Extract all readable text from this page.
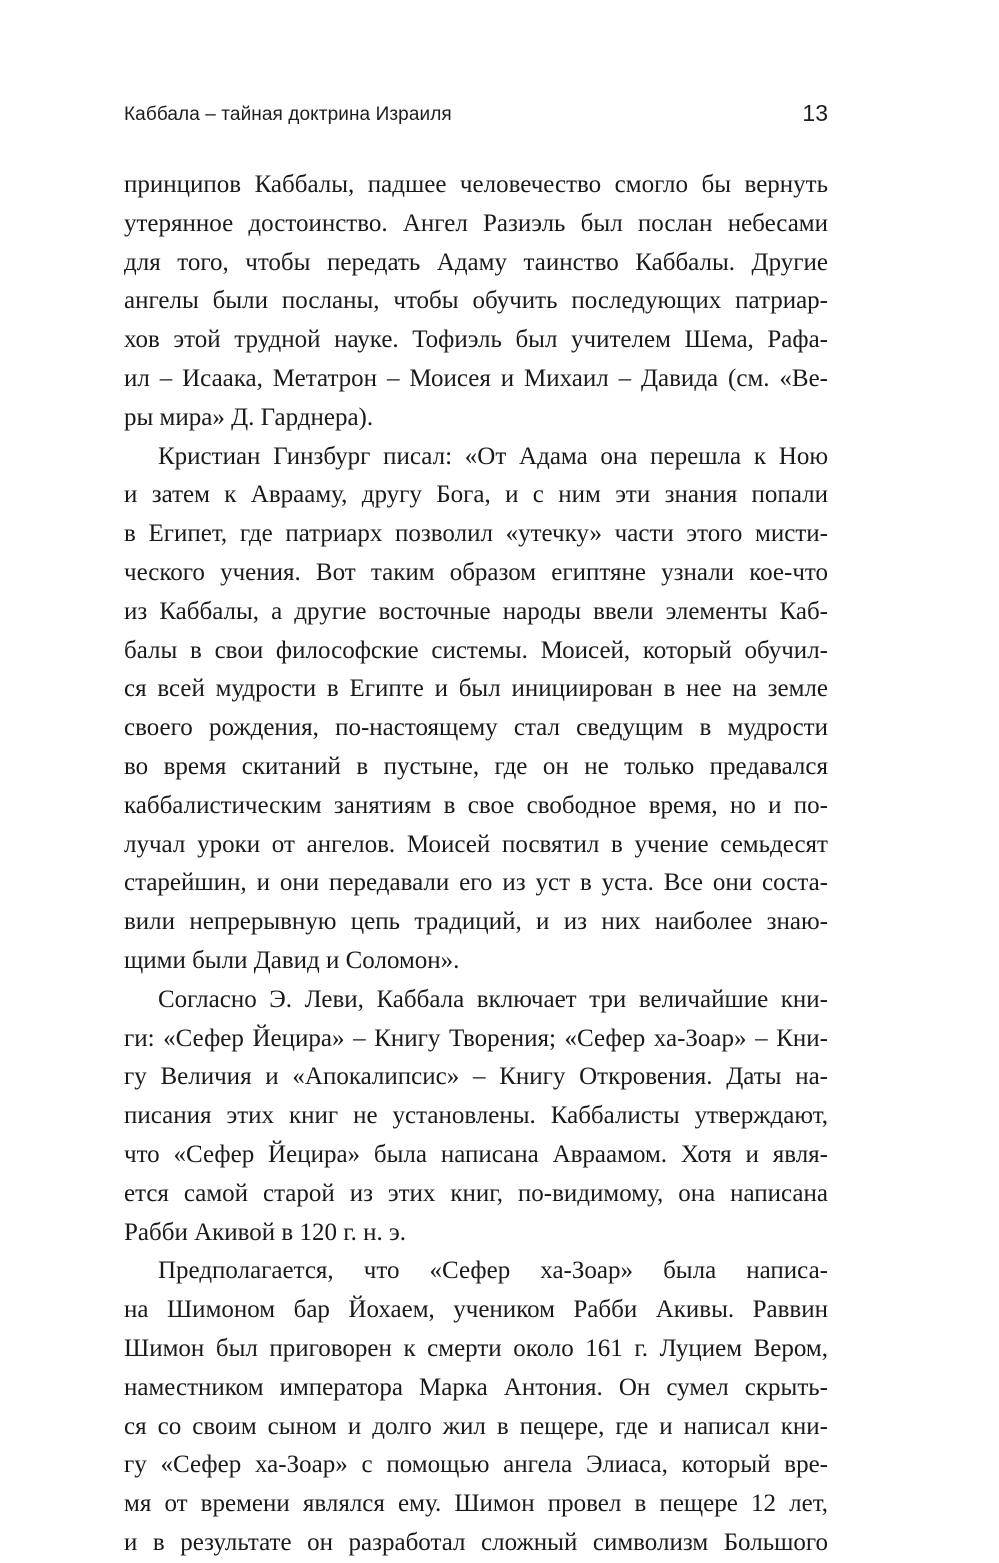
Каббала – тайная доктрина Израиля	13

принципов Каббалы, падшее человечество смогло бы вернуть
утерянное достоинство. Ангел Разиэль был послан небесами
для того, чтобы передать Адаму таинство Каббалы. Другие
ангелы были посланы, чтобы обучить последующих патриар-
хов этой трудной науке. Тофиэль был учителем Шема, Рафа-
ил – Исаака, Метатрон – Моисея и Михаил – Давида (см. «Ве-
ры мира» Д. Гарднера).

Кристиан Гинзбург писал: «От Адама она перешла к Ною
и затем к Аврааму, другу Бога, и с ним эти знания попали
в Египет, где патриарх позволил «утечку» части этого мисти-
ческого учения. Вот таким образом египтяне узнали кое-что
из Каббалы, а другие восточные народы ввели элементы Каб-
балы в свои философские системы. Моисей, который обучил-
ся всей мудрости в Египте и был инициирован в нее на земле
своего рождения, по-настоящему стал сведущим в мудрости
во время скитаний в пустыне, где он не только предавался
каббалистическим занятиям в свое свободное время, но и по-
лучал уроки от ангелов. Моисей посвятил в учение семьдесят
старейшин, и они передавали его из уст в уста. Все они соста-
вили непрерывную цепь традиций, и из них наиболее знаю-
щими были Давид и Соломон».

Согласно Э. Леви, Каббала включает три величайшие кни-
ги: «Сефер Йецира» – Книгу Творения; «Сефер ха-Зоар» – Кни-
гу Величия и «Апокалипсис» – Книгу Откровения. Даты на-
писания этих книг не установлены. Каббалисты утверждают,
что «Сефер Йецира» была написана Авраамом. Хотя и явля-
ется самой старой из этих книг, по-видимому, она написана
Рабби Акивой в 120 г. н. э.

Предполагается, что «Сефер ха-Зоар» была написа-
на Шимоном бар Йохаем, учеником Рабби Акивы. Раввин
Шимон был приговорен к смерти около 161 г. Луцием Вером,
наместником императора Марка Антония. Он сумел скрыть-
ся со своим сыном и долго жил в пещере, где и написал кни-
гу «Сефер ха-Зоар» с помощью ангела Элиаса, который вре-
мя от времени являлся ему. Шимон провел в пещере 12 лет,
и в результате он разработал сложный символизм Большого
